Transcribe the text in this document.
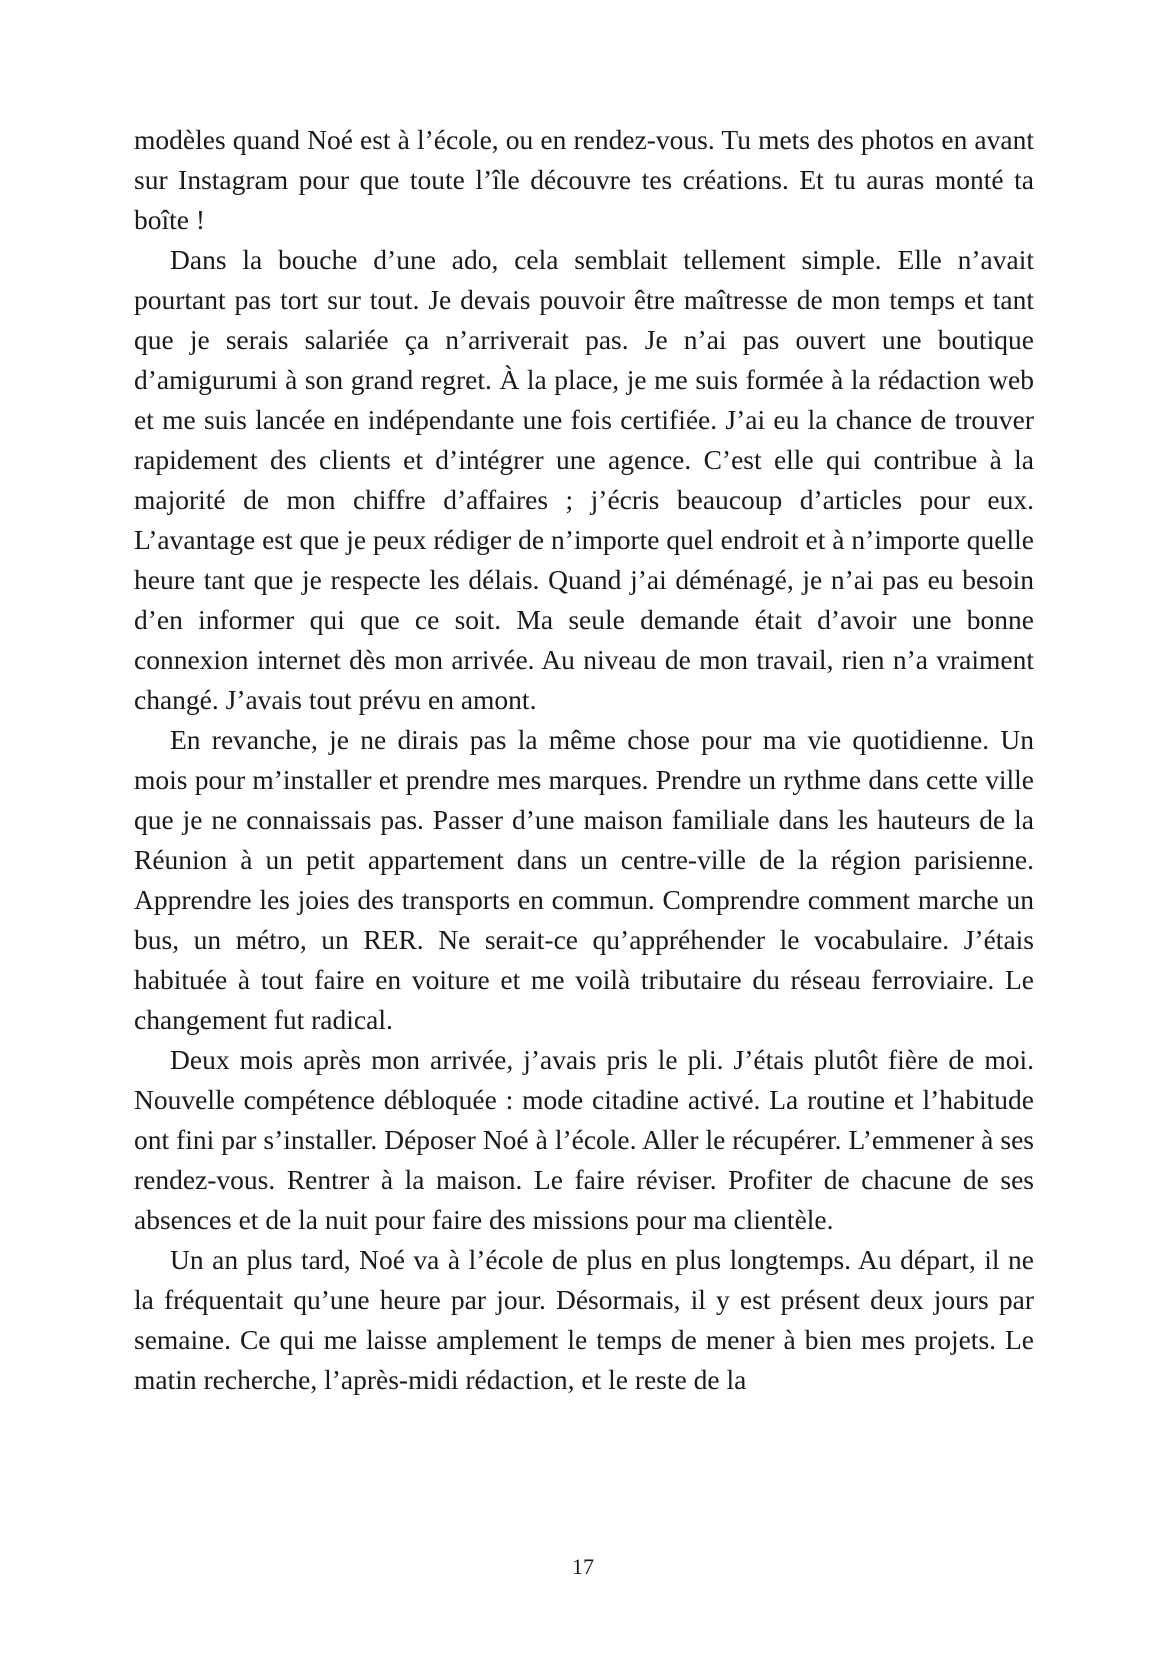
modèles quand Noé est à l’école, ou en rendez-vous. Tu mets des photos en avant sur Instagram pour que toute l’île découvre tes créations. Et tu auras monté ta boîte !

Dans la bouche d’une ado, cela semblait tellement simple. Elle n’avait pourtant pas tort sur tout. Je devais pouvoir être maîtresse de mon temps et tant que je serais salariée ça n’arriverait pas. Je n’ai pas ouvert une boutique d’amigurumi à son grand regret. À la place, je me suis formée à la rédaction web et me suis lancée en indépendante une fois certifiée. J’ai eu la chance de trouver rapidement des clients et d’intégrer une agence. C’est elle qui contribue à la majorité de mon chiffre d’affaires ; j’écris beaucoup d’articles pour eux. L’avantage est que je peux rédiger de n’importe quel endroit et à n’importe quelle heure tant que je respecte les délais. Quand j’ai déménagé, je n’ai pas eu besoin d’en informer qui que ce soit. Ma seule demande était d’avoir une bonne connexion internet dès mon arrivée. Au niveau de mon travail, rien n’a vraiment changé. J’avais tout prévu en amont.

En revanche, je ne dirais pas la même chose pour ma vie quotidienne. Un mois pour m’installer et prendre mes marques. Prendre un rythme dans cette ville que je ne connaissais pas. Passer d’une maison familiale dans les hauteurs de la Réunion à un petit appartement dans un centre-ville de la région parisienne. Apprendre les joies des transports en commun. Comprendre comment marche un bus, un métro, un RER. Ne serait-ce qu’appréhender le vocabulaire. J’étais habituée à tout faire en voiture et me voilà tributaire du réseau ferroviaire. Le changement fut radical.

Deux mois après mon arrivée, j’avais pris le pli. J’étais plutôt fière de moi. Nouvelle compétence débloquée : mode citadine activé. La routine et l’habitude ont fini par s’installer. Déposer Noé à l’école. Aller le récupérer. L’emmener à ses rendez-vous. Rentrer à la maison. Le faire réviser. Profiter de chacune de ses absences et de la nuit pour faire des missions pour ma clientèle.

Un an plus tard, Noé va à l’école de plus en plus longtemps. Au départ, il ne la fréquentait qu’une heure par jour. Désormais, il y est présent deux jours par semaine. Ce qui me laisse amplement le temps de mener à bien mes projets. Le matin recherche, l’après-midi rédaction, et le reste de la

17
